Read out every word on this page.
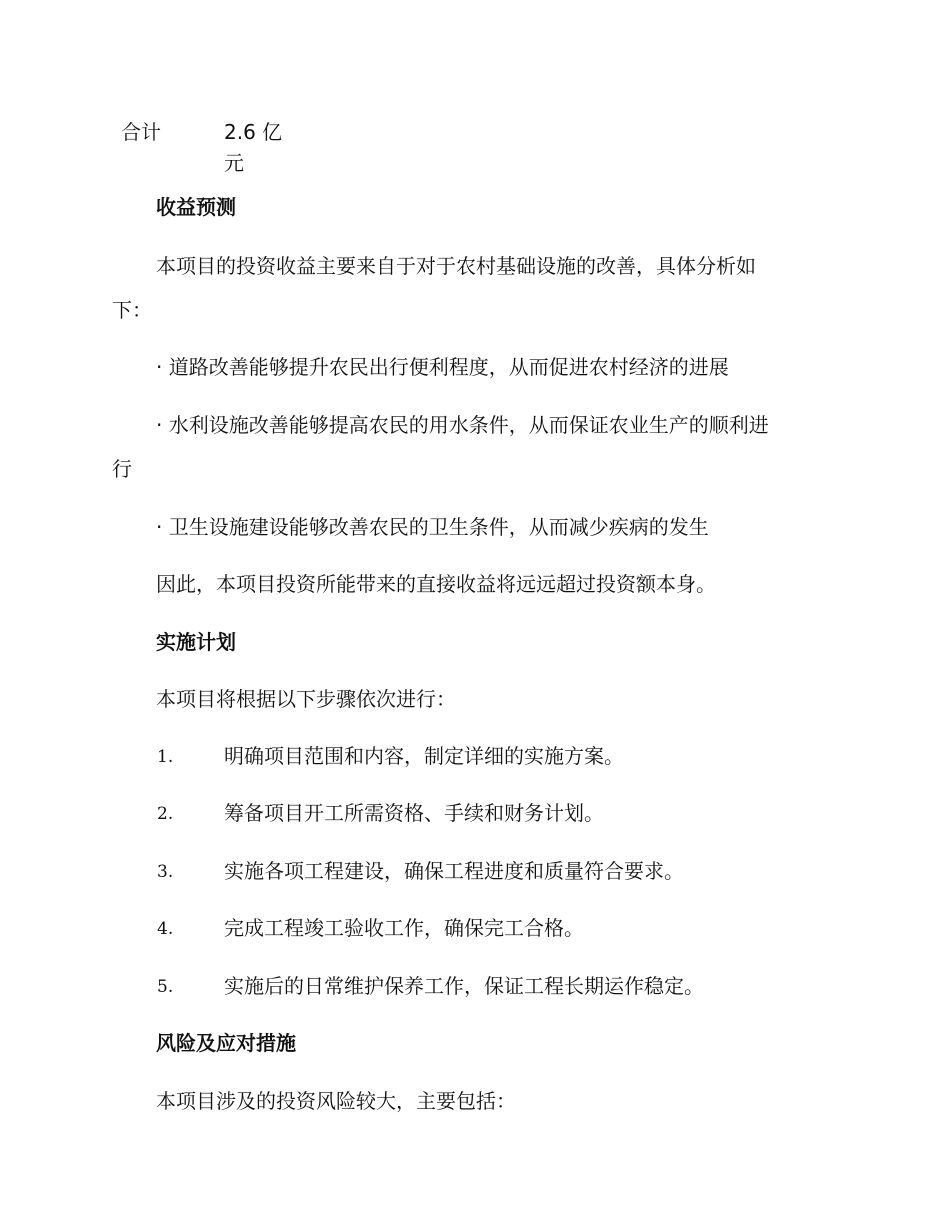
合计	2.6 亿
元
收益预测
本项目的投资收益主要来自于对于农村基础设施的改善，具体分析如
下：
· 道路改善能够提升农民出行便利程度，从而促进农村经济的进展
· 水利设施改善能够提高农民的用水条件，从而保证农业生产的顺利进
行
· 卫生设施建设能够改善农民的卫生条件，从而减少疾病的发生
因此，本项目投资所能带来的直接收益将远远超过投资额本身。
实施计划
本项目将根据以下步骤依次进行：
1.	明确项目范围和内容，制定详细的实施方案。
2.	筹备项目开工所需资格、手续和财务计划。
3.	实施各项工程建设，确保工程进度和质量符合要求。
4.	完成工程竣工验收工作，确保完工合格。
5.	实施后的日常维护保养工作，保证工程长期运作稳定。
风险及应对措施
本项目涉及的投资风险较大，主要包括：
